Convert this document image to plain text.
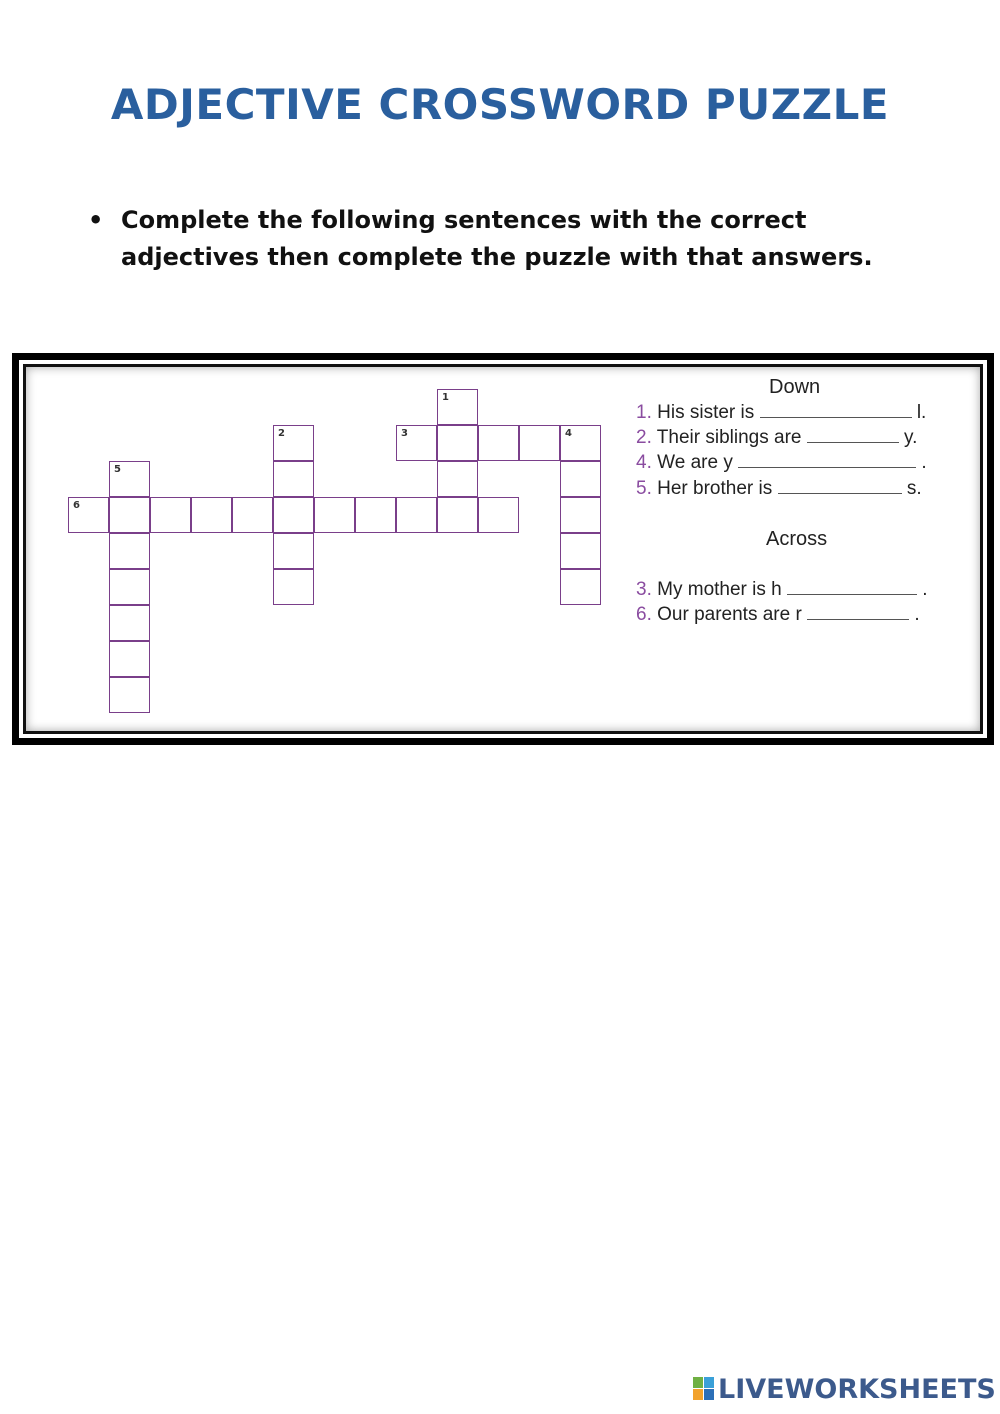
ADJECTIVE CROSSWORD PUZZLE
• Complete the following sentences with the correct adjectives then complete the puzzle with that answers.
1
3	4
2
5
6
Down
1. His sister is	l.
2. Their siblings are	y.
4. We are y	.
5. Her brother is	s.
Across
3. My mother is h	.
6. Our parents are r	.
LIVEWORKSHEETS
